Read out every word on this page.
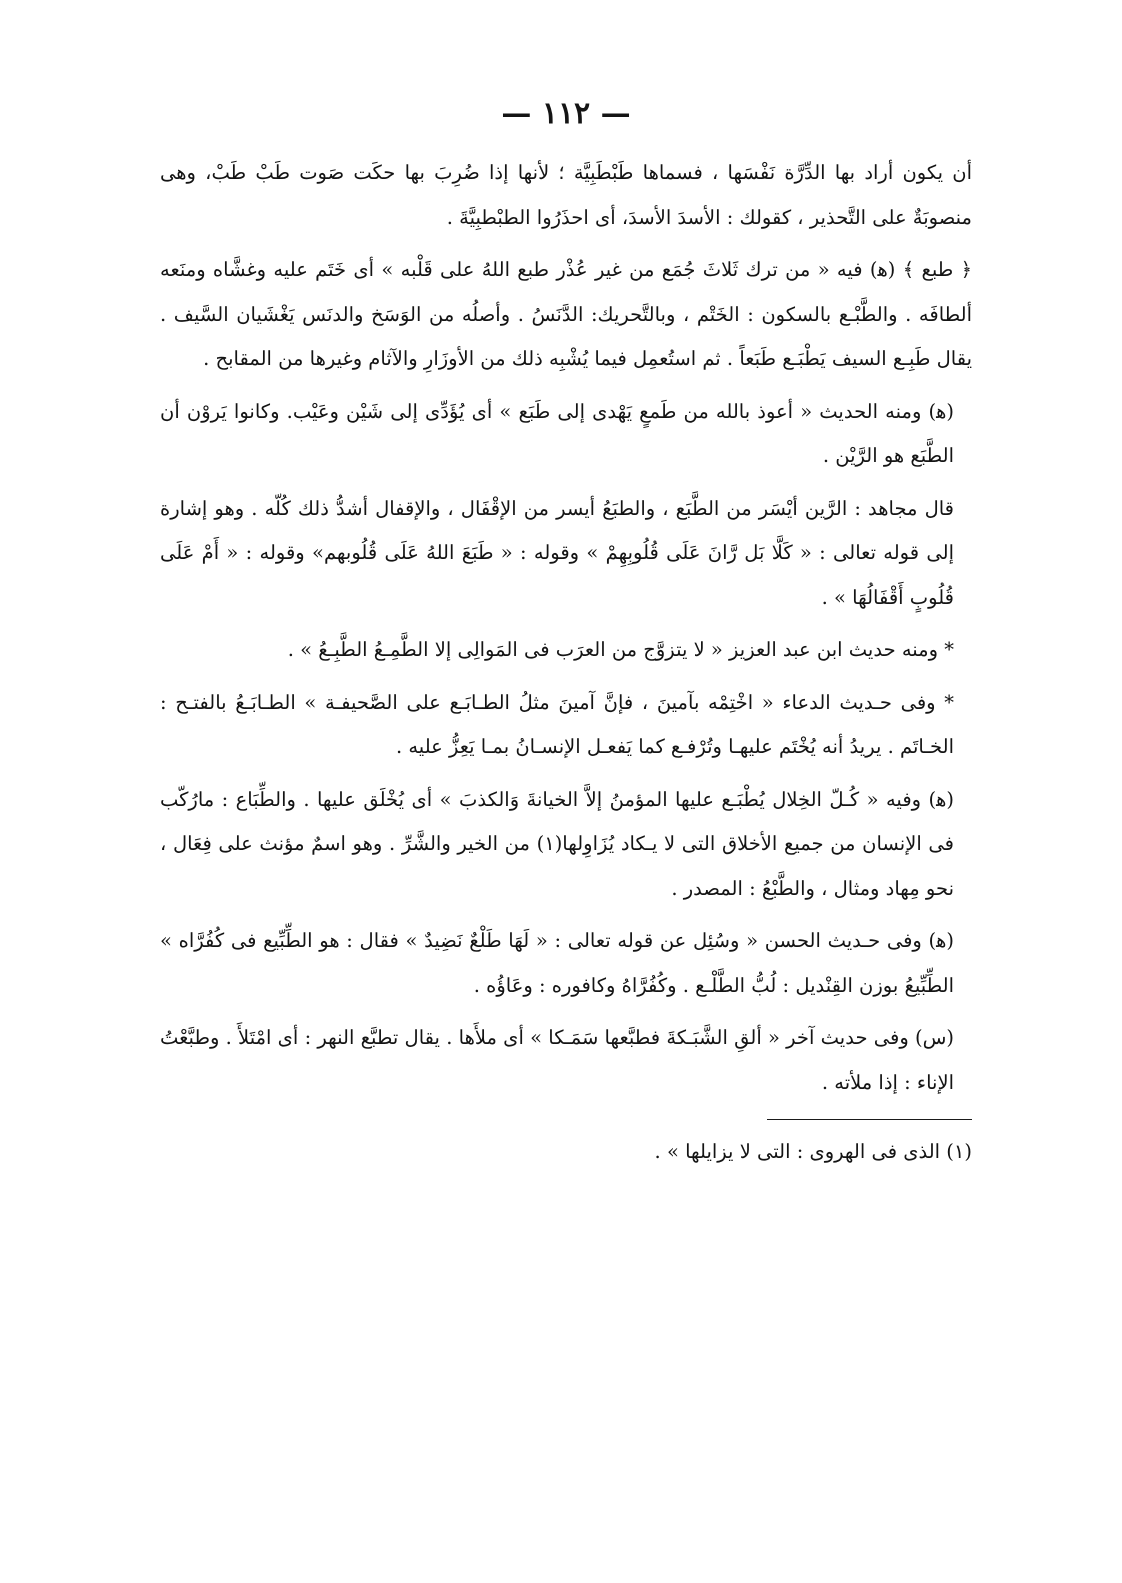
— ١١٢ —

أن يكون أراد بها الدِّرَّة نَفْسَها ، فسماها طَبْطَبِيَّة ؛ لأنها إذا ضُرِبَ بها حكَت صَوت طَبْ طَبْ، وهى منصوبَةٌ على التَّحذير ، كقولك : الأسدَ الأسدَ، أى احذَرُوا الطبْطبِيَّةَ .

﴿ طبع ﴾ (ﻫ) فيه « من ترك ثَلاثَ جُمَع من غير عُذْر طبع اللهُ على قَلْبه » أى خَتَم عليه وغشَّاه ومنَعه ألطافَه . والطَّبْـع بالسكون : الخَتْم ، وبالتَّحريك: الدَّنَسُ . وأصلُه من الوَسَخ والدنَس يَغْشَيان السَّيف . يقال طَبِـع السيف يَطْبَـع طَبَعاً . ثم استُعمِل فيما يُشْبِه ذلك من الأوزَارِ والآثام وغيرها من المقابح .

(ﻫ) ومنه الحديث « أعوذ بالله من طَمعٍ يَهْدى إلى طَبَع » أى يُؤَدِّى إلى شَيْن وعَيْب. وكانوا يَروْن أن الطَّبَع هو الرَّيْن .

قال مجاهد : الرَّين أيْسَر من الطَّبَع ، والطبَعُ أيسر من الإقْفَال ، والإقفال أشدُّ ذلك كُلّه . وهو إشارة إلى قوله تعالى : « كَلَّا بَل رَّانَ عَلَى قُلُوبِهِمْ » وقوله : « طَبَعَ اللهُ عَلَى قُلُوبهم» وقوله : « أَمْ عَلَى قُلُوبٍ أَقْفَالُهَا » .

* ومنه حديث ابن عبد العزيز « لا يتزوَّج من العرَب فى المَوالِى إلا الطَّمِـعُ الطَّبِـعُ » .

* وفى حـديث الدعاء « اخْتِمْه بآمينَ ، فإنَّ آمينَ مثلُ الطـابَـع على الصَّحيفـة » الطـابَـعُ بالفتـح : الخـاتَم . يريدُ أنه يُخْتَم عليهـا وتُرْفـع كما يَفعـل الإنسـانُ بمـا يَعِزُّ عليه .

(ﻫ) وفيه « كُـلّ الخِلال يُطْبَـع عليها المؤمنُ إلاَّ الخيانةَ وَالكذبَ » أى يُخْلَق عليها . والطِّبَاع : مارُكّب فى الإنسان من جميع الأخلاق التى لا يـكاد يُزَاوِلها(١) من الخير والشَّرِّ . وهو اسمٌ مؤنث على فِعَال ، نحو مِهاد ومثال ، والطَّبْعُ : المصدر .

(ﻫ) وفى حـديث الحسن « وسُئِل عن قوله تعالى : « لَهَا طَلْعٌ نَضِيدٌ » فقال : هو الطِّبِّيع فى كُفُرَّاه » الطِّبِّيعُ بوزن القِنْديل : لُبُّ الطَّلْـع . وكُفُرَّاهُ وكافوره : وعَاؤُه .

(س) وفى حديث آخر « ألقِ الشَّبَـكةَ فطبَّعها سَمَـكا » أى ملأَها . يقال تطبَّع النهر : أى امْتَلأَ . وطبَّعْتُ الإناء : إذا ملأته .

(١) الذى فى الهروى : التى لا يزايلها » .
